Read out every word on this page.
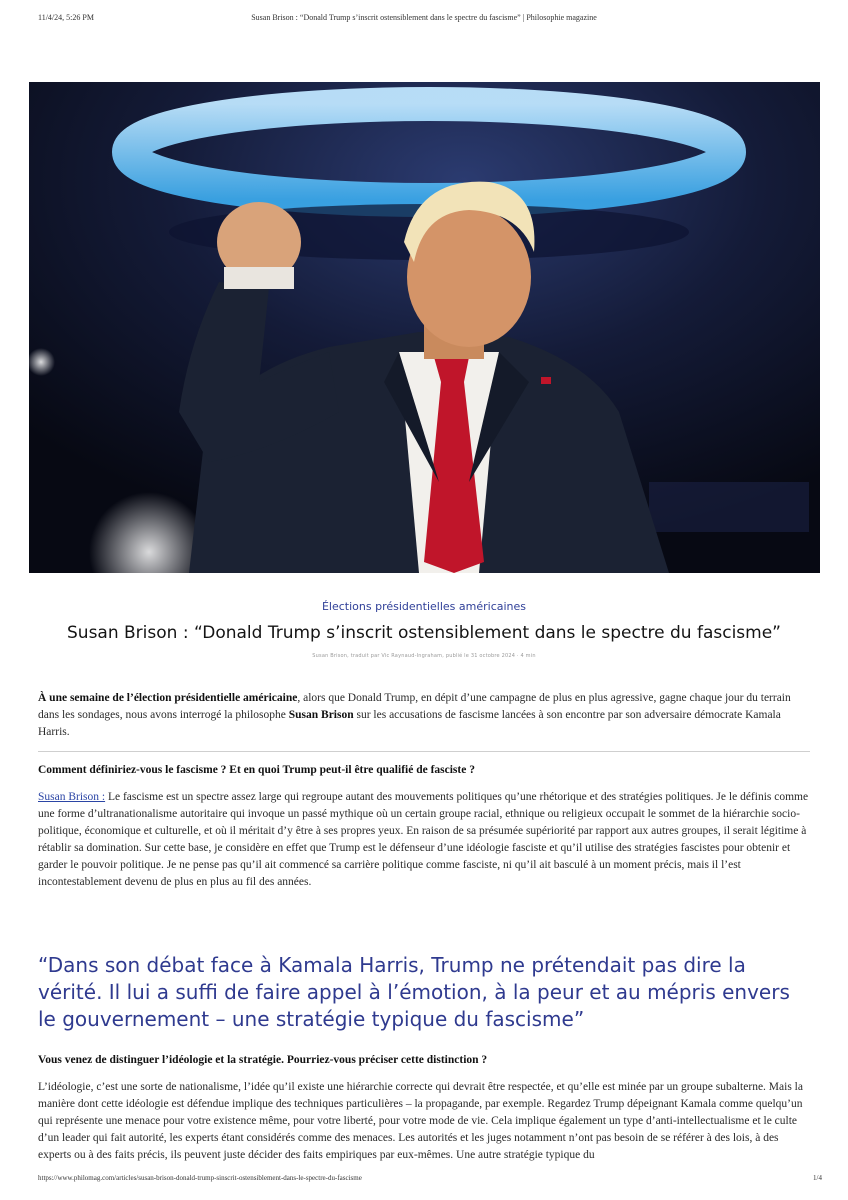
11/4/24, 5:26 PM	Susan Brison : “Donald Trump s’inscrit ostensiblement dans le spectre du fascisme” | Philosophie magazine
Élections présidentielles américaines
Susan Brison : “Donald Trump s’inscrit ostensiblement dans le spectre du fascisme”
Susan Brison, traduit par Vic Raynaud-Ingraham, publié le 31 octobre 2024 · 4 min
À une semaine de l’élection présidentielle américaine, alors que Donald Trump, en dépit d’une campagne de plus en plus agressive, gagne chaque jour du terrain dans les sondages, nous avons interrogé la philosophe Susan Brison sur les accusations de fascisme lancées à son encontre par son adversaire démocrate Kamala Harris.
Comment définiriez-vous le fascisme ? Et en quoi Trump peut-il être qualifié de fasciste ?
Susan Brison : Le fascisme est un spectre assez large qui regroupe autant des mouvements politiques qu’une rhétorique et des stratégies politiques. Je le définis comme une forme d’ultranationalisme autoritaire qui invoque un passé mythique où un certain groupe racial, ethnique ou religieux occupait le sommet de la hiérarchie socio-politique, économique et culturelle, et où il méritait d’y être à ses propres yeux. En raison de sa présumée supériorité par rapport aux autres groupes, il serait légitime à rétablir sa domination. Sur cette base, je considère en effet que Trump est le défenseur d’une idéologie fasciste et qu’il utilise des stratégies fascistes pour obtenir et garder le pouvoir politique. Je ne pense pas qu’il ait commencé sa carrière politique comme fasciste, ni qu’il ait basculé à un moment précis, mais il l’est incontestablement devenu de plus en plus au fil des années.
“Dans son débat face à Kamala Harris, Trump ne prétendait pas dire la vérité. Il lui a suffi de faire appel à l’émotion, à la peur et au mépris envers le gouvernement – une stratégie typique du fascisme”
Vous venez de distinguer l’idéologie et la stratégie. Pourriez-vous préciser cette distinction ?
L’idéologie, c’est une sorte de nationalisme, l’idée qu’il existe une hiérarchie correcte qui devrait être respectée, et qu’elle est minée par un groupe subalterne. Mais la manière dont cette idéologie est défendue implique des techniques particulières – la propagande, par exemple. Regardez Trump dépeignant Kamala comme quelqu’un qui représente une menace pour votre existence même, pour votre liberté, pour votre mode de vie. Cela implique également un type d’anti-intellectualisme et le culte d’un leader qui fait autorité, les experts étant considérés comme des menaces. Les autorités et les juges notamment n’ont pas besoin de se référer à des lois, à des experts ou à des faits précis, ils peuvent juste décider des faits empiriques par eux-mêmes. Une autre stratégie typique du
https://www.philomag.com/articles/susan-brison-donald-trump-sinscrit-ostensiblement-dans-le-spectre-du-fascisme	1/4
